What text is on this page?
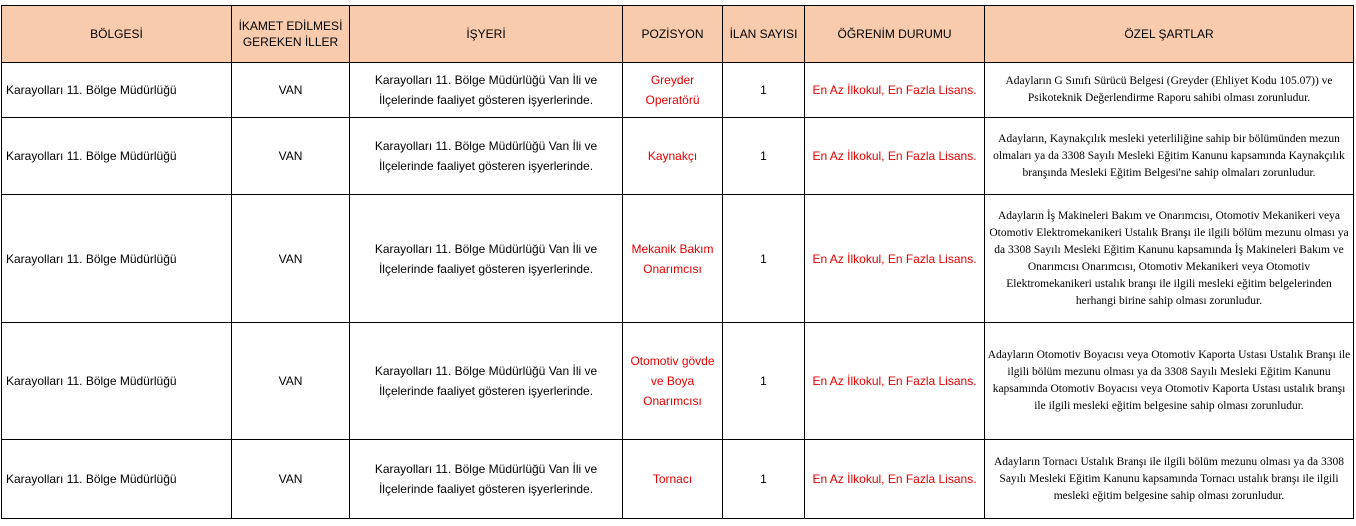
BÖLGESİ	İKAMET EDİLMESİ GEREKEN İLLER	İŞYERİ	POZİSYON	İLAN SAYISI	ÖĞRENİM DURUMU	ÖZEL ŞARTLAR
Karayolları 11. Bölge Müdürlüğü	VAN	Karayolları 11. Bölge Müdürlüğü Van İli ve İlçelerinde faaliyet gösteren işyerlerinde.	Greyder Operatörü	1	En Az İlkokul, En Fazla Lisans.	Adayların G Sınıfı Sürücü Belgesi (Greyder (Ehliyet Kodu 105.07)) ve Psikoteknik Değerlendirme Raporu sahibi olması zorunludur.
Karayolları 11. Bölge Müdürlüğü	VAN	Karayolları 11. Bölge Müdürlüğü Van İli ve İlçelerinde faaliyet gösteren işyerlerinde.	Kaynakçı	1	En Az İlkokul, En Fazla Lisans.	Adayların, Kaynakçılık mesleki yeterliliğine sahip bir bölümünden mezun olmaları ya da 3308 Sayılı Mesleki Eğitim Kanunu kapsamında Kaynakçılık branşında Mesleki Eğitim Belgesi'ne sahip olmaları zorunludur.
Karayolları 11. Bölge Müdürlüğü	VAN	Karayolları 11. Bölge Müdürlüğü Van İli ve İlçelerinde faaliyet gösteren işyerlerinde.	Mekanik Bakım Onarımcısı	1	En Az İlkokul, En Fazla Lisans.	Adayların İş Makineleri Bakım ve Onarımcısı, Otomotiv Mekanikeri veya Otomotiv Elektromekanikeri Ustalık Branşı ile ilgili bölüm mezunu olması ya da 3308 Sayılı Mesleki Eğitim Kanunu kapsamında İş Makineleri Bakım ve Onarımcısı Onarımcısı, Otomotiv Mekanikeri veya Otomotiv Elektromekanikeri ustalık branşı ile ilgili mesleki eğitim belgelerinden herhangi birine sahip olması zorunludur.
Karayolları 11. Bölge Müdürlüğü	VAN	Karayolları 11. Bölge Müdürlüğü Van İli ve İlçelerinde faaliyet gösteren işyerlerinde.	Otomotiv gövde ve Boya Onarımcısı	1	En Az İlkokul, En Fazla Lisans.	Adayların Otomotiv Boyacısı veya Otomotiv Kaporta Ustası Ustalık Branşı ile ilgili bölüm mezunu olması ya da 3308 Sayılı Mesleki Eğitim Kanunu kapsamında Otomotiv Boyacısı veya Otomotiv Kaporta Ustası ustalık branşı ile ilgili mesleki eğitim belgesine sahip olması zorunludur.
Karayolları 11. Bölge Müdürlüğü	VAN	Karayolları 11. Bölge Müdürlüğü Van İli ve İlçelerinde faaliyet gösteren işyerlerinde.	Tornacı	1	En Az İlkokul, En Fazla Lisans.	Adayların Tornacı Ustalık Branşı ile ilgili bölüm mezunu olması ya da 3308 Sayılı Mesleki Eğitim Kanunu kapsamında Tornacı ustalık branşı ile ilgili mesleki eğitim belgesine sahip olması zorunludur.
